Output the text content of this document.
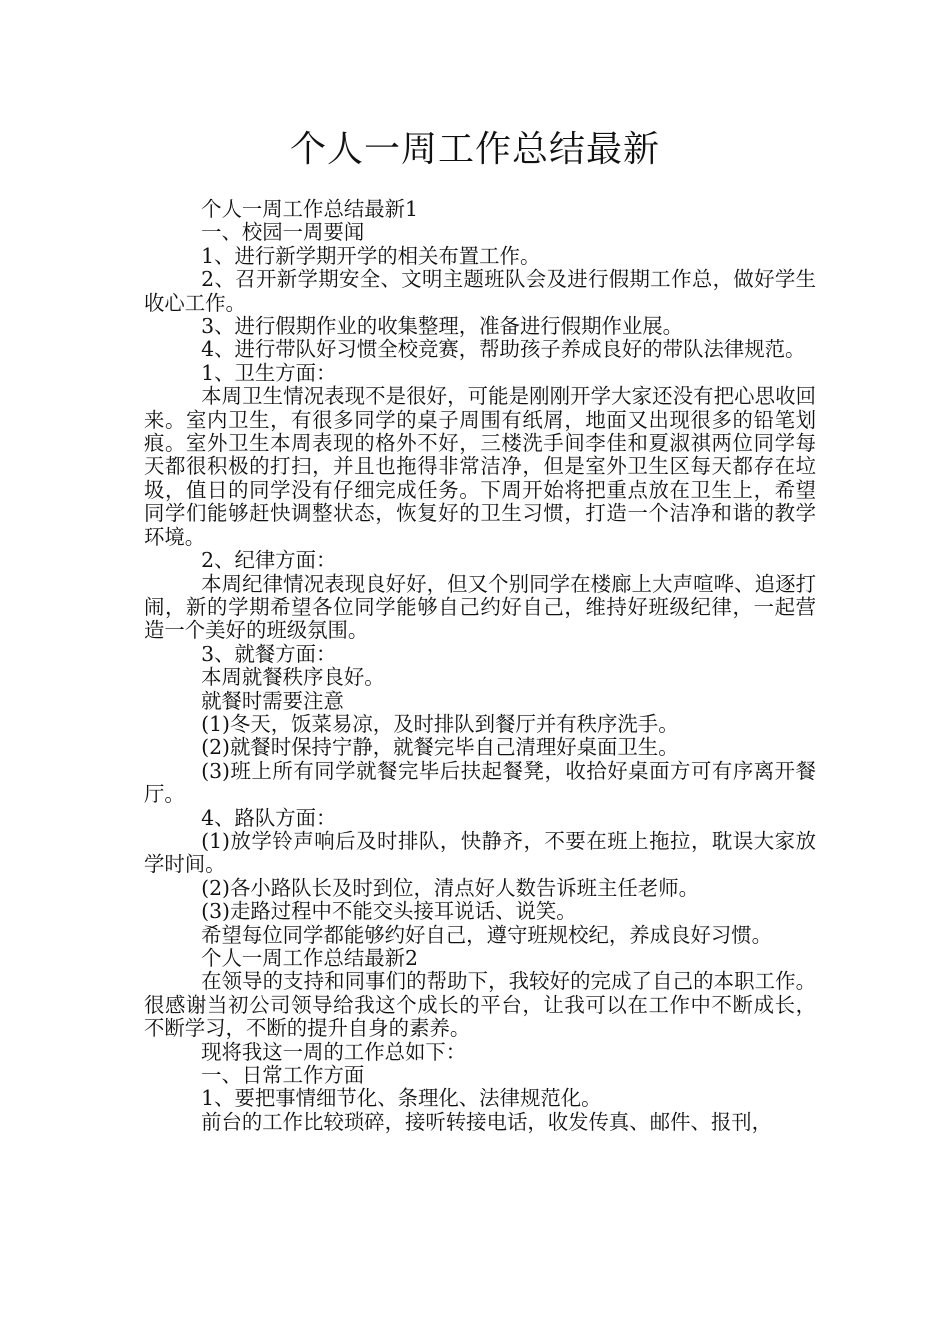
个人一周工作总结最新

个人一周工作总结最新1

一、校园一周要闻

1、进行新学期开学的相关布置工作。

2、召开新学期安全、文明主题班队会及进行假期工作总，做好学生收心工作。

3、进行假期作业的收集整理，准备进行假期作业展。

4、进行带队好习惯全校竞赛，帮助孩子养成良好的带队法律规范。

1、卫生方面：

本周卫生情况表现不是很好，可能是刚刚开学大家还没有把心思收回来。室内卫生，有很多同学的桌子周围有纸屑，地面又出现很多的铅笔划痕。室外卫生本周表现的格外不好，三楼洗手间李佳和夏淑祺两位同学每天都很积极的打扫，并且也拖得非常洁净，但是室外卫生区每天都存在垃圾，值日的同学没有仔细完成任务。下周开始将把重点放在卫生上，希望同学们能够赶快调整状态，恢复好的卫生习惯，打造一个洁净和谐的教学环境。

2、纪律方面：

本周纪律情况表现良好好，但又个别同学在楼廊上大声喧哗、追逐打闹，新的学期希望各位同学能够自己约好自己，维持好班级纪律，一起营造一个美好的班级氛围。

3、就餐方面：

本周就餐秩序良好。

就餐时需要注意

(1)冬天，饭菜易凉，及时排队到餐厅并有秩序洗手。

(2)就餐时保持宁静，就餐完毕自己清理好桌面卫生。

(3)班上所有同学就餐完毕后扶起餐凳，收拾好桌面方可有序离开餐厅。

4、路队方面：

(1)放学铃声响后及时排队，快静齐，不要在班上拖拉，耽误大家放学时间。

(2)各小路队长及时到位，清点好人数告诉班主任老师。

(3)走路过程中不能交头接耳说话、说笑。

希望每位同学都能够约好自己，遵守班规校纪，养成良好习惯。

个人一周工作总结最新2

在领导的支持和同事们的帮助下，我较好的完成了自己的本职工作。很感谢当初公司领导给我这个成长的平台，让我可以在工作中不断成长，不断学习，不断的提升自身的素养。

现将我这一周的工作总如下：

一、日常工作方面

1、要把事情细节化、条理化、法律规范化。

前台的工作比较琐碎，接听转接电话，收发传真、邮件、报刊，
